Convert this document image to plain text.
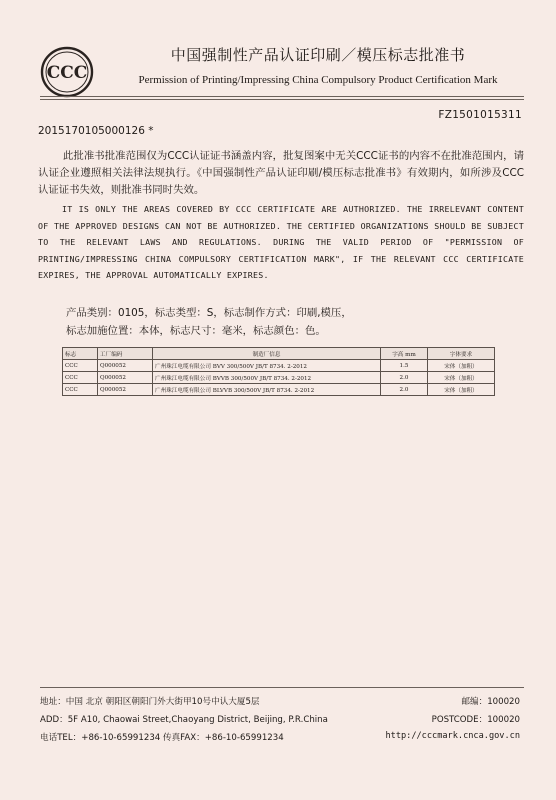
CCC
中国强制性产品认证印刷／模压标志批准书
Permission of Printing/Impressing China Compulsory Product Certification Mark
FZ1501015311
2015170105000126 *
此批准书批准范围仅为CCC认证证书涵盖内容，批复图案中无关CCC证书的内容不在批准范围内，请认证企业遵照相关法律法规执行。《中国强制性产品认证印刷/模压标志批准书》有效期内，如所涉及CCC认证证书失效，则批准书同时失效。
IT IS ONLY THE AREAS COVERED BY CCC CERTIFICATE ARE AUTHORIZED. THE IRRELEVANT CONTENT OF THE APPROVED DESIGNS CAN NOT BE AUTHORIZED. THE CERTIFIED ORGANIZATIONS SHOULD BE SUBJECT TO THE RELEVANT LAWS AND REGULATIONS. DURING THE VALID PERIOD OF "PERMISSION OF PRINTING/IMPRESSING CHINA COMPULSORY CERTIFICATION MARK", IF THE RELEVANT CCC CERTIFICATE EXPIRES, THE APPROVAL AUTOMATICALLY EXPIRES.
产品类别：0105，标志类型：S，标志制作方式：印刷,模压，
标志加施位置：本体，标志尺寸：毫米，标志颜色：色。
标志	工厂编码	制造厂信息	字高 mm	字体要求
CCC	Q000052	广州珠江电缆有限公司 BVV 300/500V JB/T 8734. 2-2012	1.5	宋体（加粗）
CCC	Q000052	广州珠江电缆有限公司 BVVB 300/500V JB/T 8734. 2-2012	2.0	宋体（加粗）
CCC	Q000052	广州珠江电缆有限公司 BLVVB 300/500V JB/T 8734. 2-2012	2.0	宋体（加粗）
地址：中国 北京 朝阳区朝阳门外大街甲10号中认大厦5层	邮编：100020
ADD：5F A10, Chaowai Street,Chaoyang District, Beijing, P.R.China	POSTCODE：100020
电话TEL：+86-10-65991234 传真FAX：+86-10-65991234	http://cccmark.cnca.gov.cn
